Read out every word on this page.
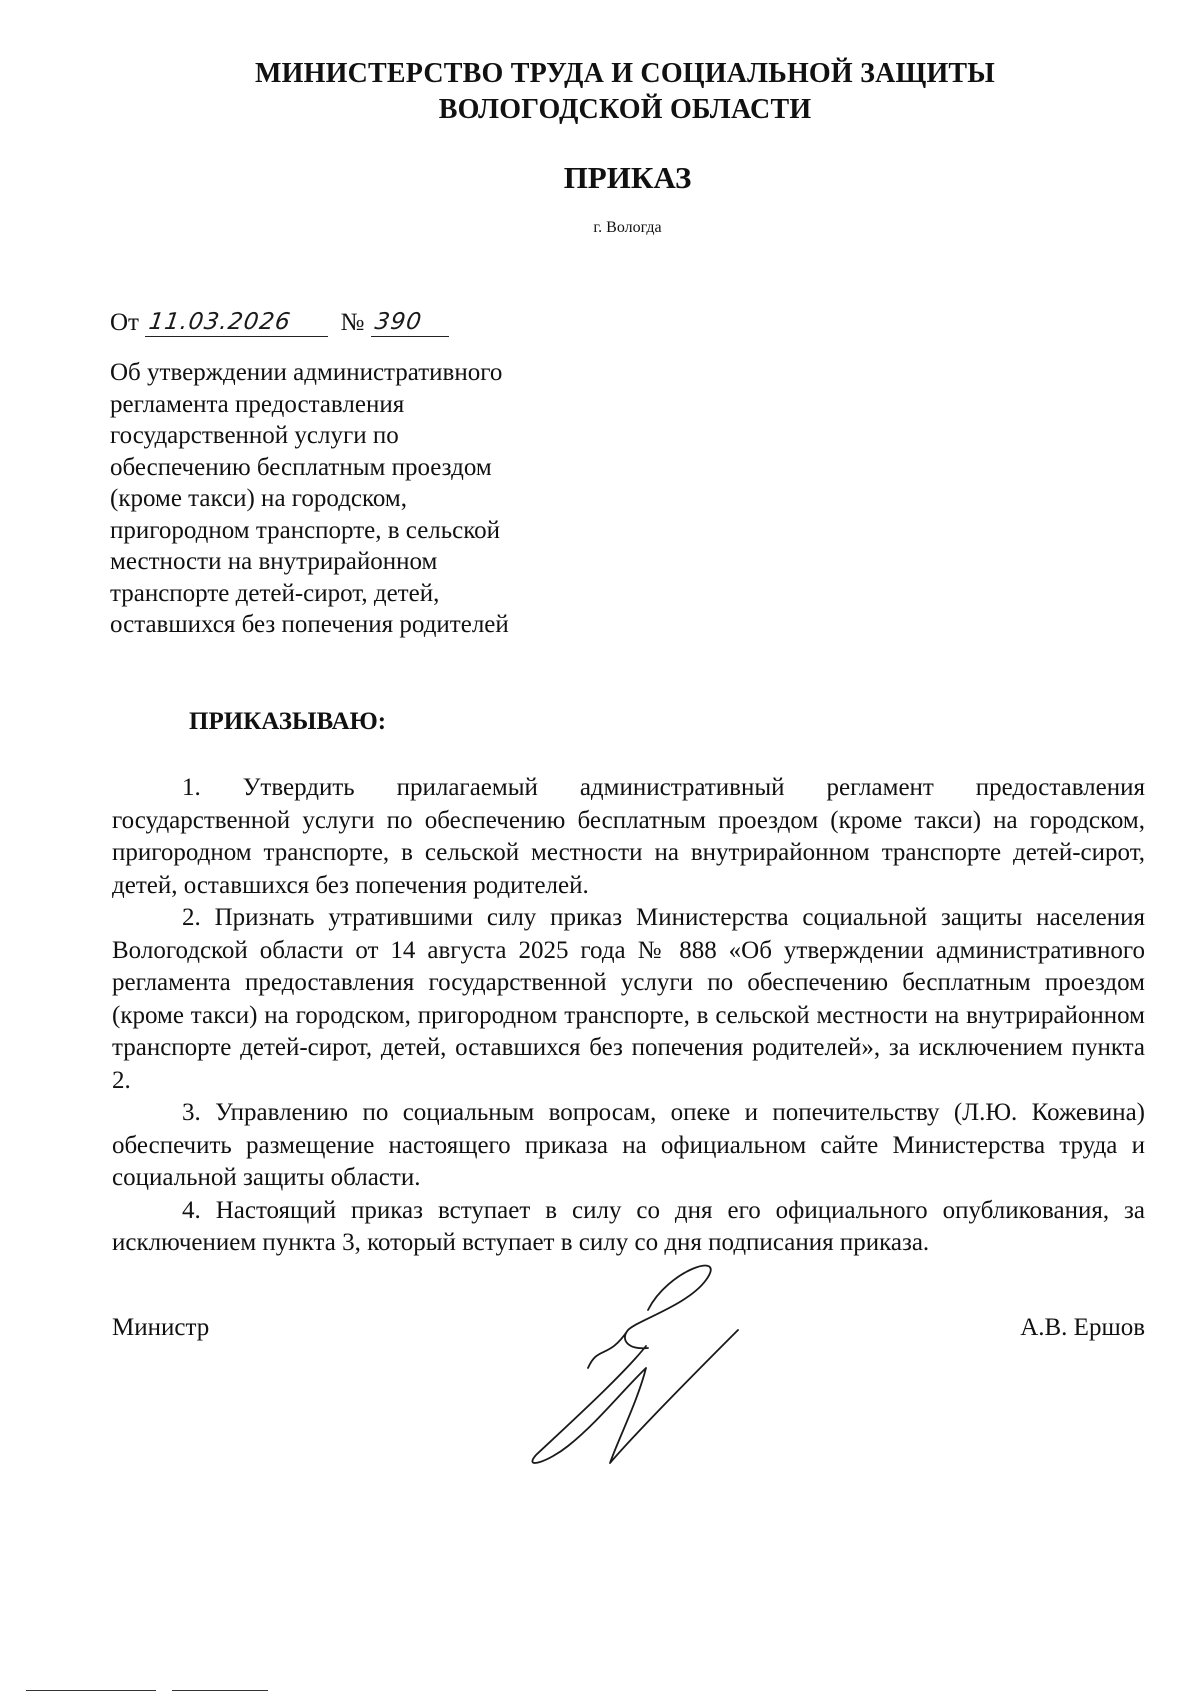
МИНИСТЕРСТВО ТРУДА И СОЦИАЛЬНОЙ ЗАЩИТЫ
ВОЛОГОДСКОЙ ОБЛАСТИ
ПРИКАЗ
г. Вологда
От 11.03.2026 № 390
Об утверждении административного
регламента предоставления
государственной услуги по
обеспечению бесплатным проездом
(кроме такси) на городском,
пригородном транспорте, в сельской
местности на внутрирайонном
транспорте детей-сирот, детей,
оставшихся без попечения родителей
ПРИКАЗЫВАЮ:

1. Утвердить прилагаемый административный регламент предоставления государственной услуги по обеспечению бесплатным проездом (кроме такси) на городском, пригородном транспорте, в сельской местности на внутрирайонном транспорте детей-сирот, детей, оставшихся без попечения родителей.

2. Признать утратившими силу приказ Министерства социальной защиты населения Вологодской области от 14 августа 2025 года № 888 «Об утверждении административного регламента предоставления государственной услуги по обеспечению бесплатным проездом (кроме такси) на городском, пригородном транспорте, в сельской местности на внутрирайонном транспорте детей-сирот, детей, оставшихся без попечения родителей», за исключением пункта 2.

3. Управлению по социальным вопросам, опеке и попечительству (Л.Ю. Кожевина) обеспечить размещение настоящего приказа на официальном сайте Министерства труда и социальной защиты области.

4. Настоящий приказ вступает в силу со дня его официального опубликования, за исключением пункта 3, который вступает в силу со дня подписания приказа.

Министр	А.В. Ершов
